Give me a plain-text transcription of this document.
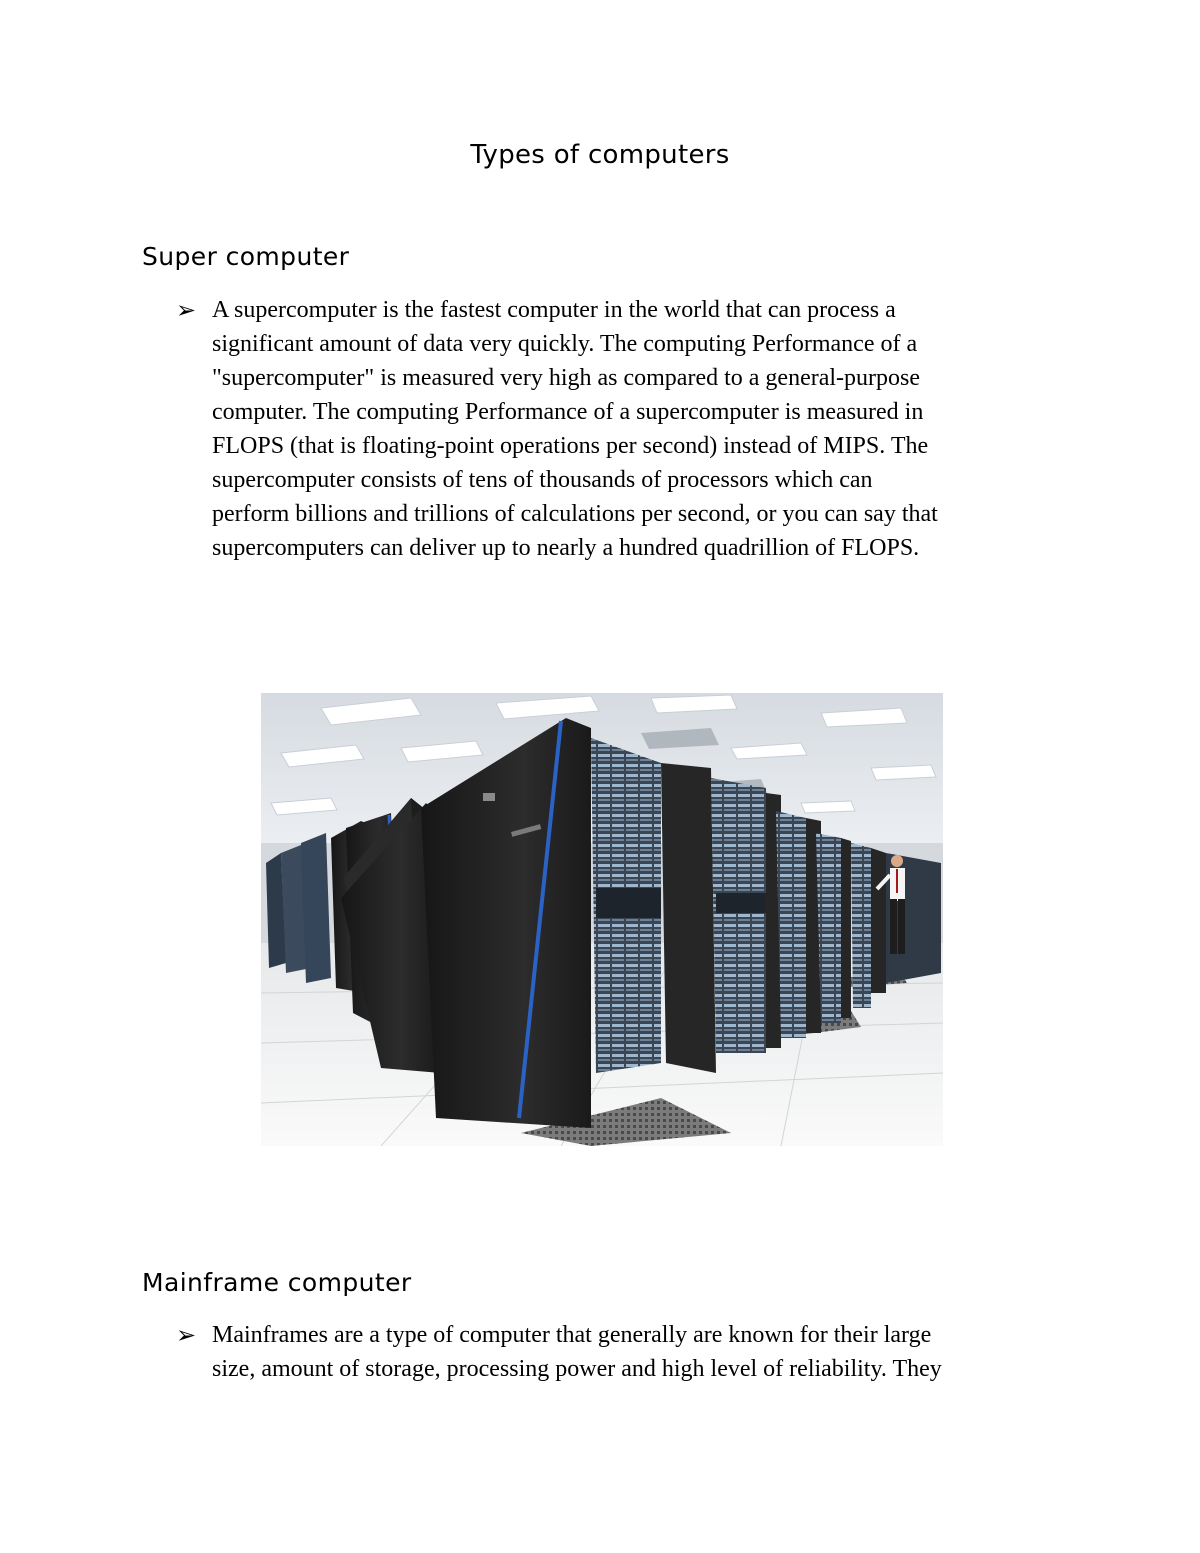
Types of computers
Super computer
➢ A supercomputer is the fastest computer in the world that can process a
significant amount of data very quickly. The computing Performance of a
"supercomputer" is measured very high as compared to a general-purpose
computer. The computing Performance of a supercomputer is measured in
FLOPS (that is floating-point operations per second) instead of MIPS. The
supercomputer consists of tens of thousands of processors which can
perform billions and trillions of calculations per second, or you can say that
supercomputers can deliver up to nearly a hundred quadrillion of FLOPS.
Mainframe computer
➢ Mainframes are a type of computer that generally are known for their large
size, amount of storage, processing power and high level of reliability. They
